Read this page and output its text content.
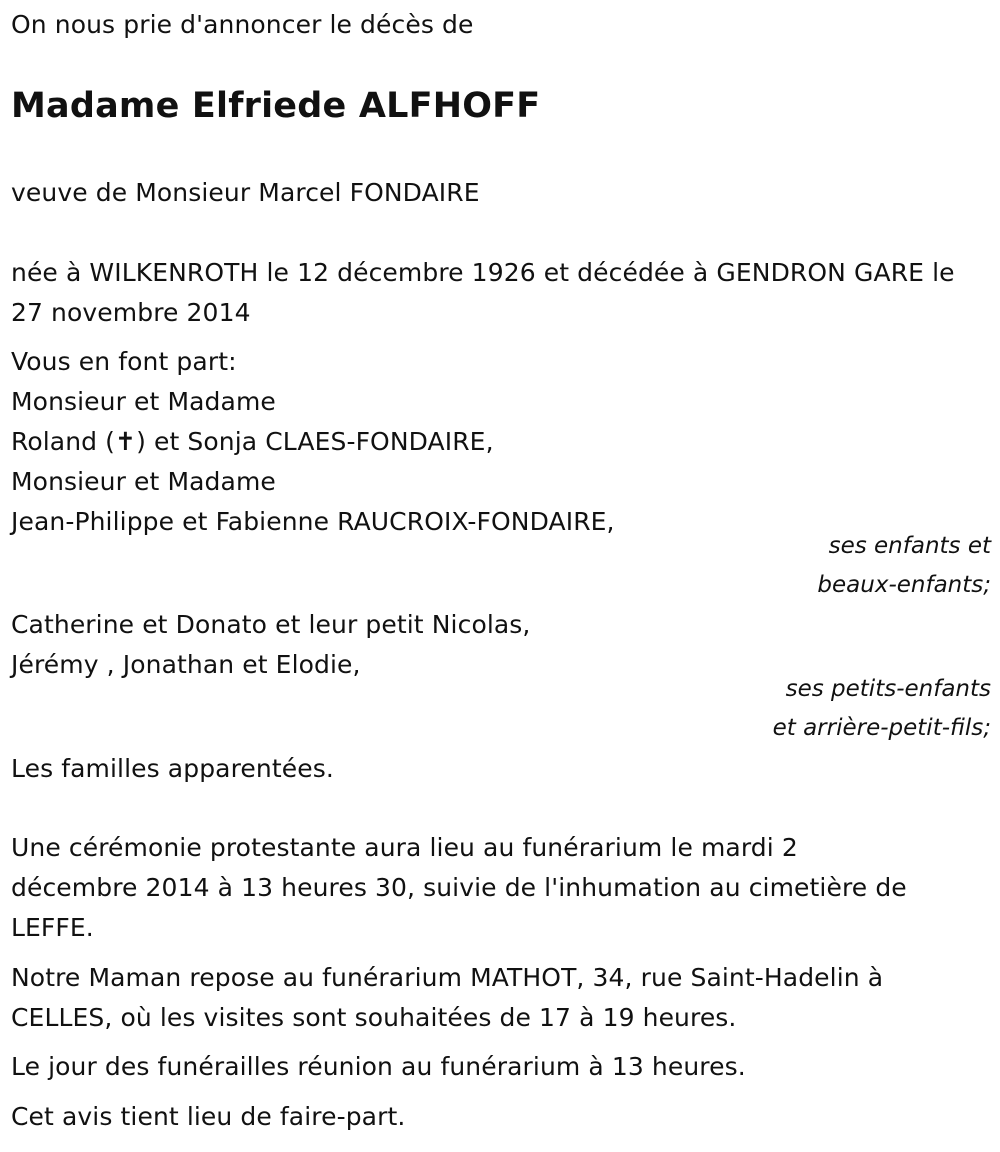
On nous prie d'annoncer le décès de
Madame Elfriede ALFHOFF
veuve de Monsieur Marcel FONDAIRE
née à WILKENROTH le 12 décembre 1926 et décédée à GENDRON GARE le
27 novembre 2014
Vous en font part:
Monsieur et Madame
Roland (✝) et Sonja CLAES-FONDAIRE,
Monsieur et Madame
Jean-Philippe et Fabienne RAUCROIX-FONDAIRE,
ses enfants et
beaux-enfants;
Catherine et Donato et leur petit Nicolas,
Jérémy , Jonathan et Elodie,
ses petits-enfants
et arrière-petit-fils;
Les familles apparentées.
Une cérémonie protestante aura lieu au funérarium le mardi 2
décembre 2014 à 13 heures 30, suivie de l'inhumation au cimetière de
LEFFE.
Notre Maman repose au funérarium MATHOT, 34, rue Saint-Hadelin à
CELLES, où les visites sont souhaitées de 17 à 19 heures.
Le jour des funérailles réunion au funérarium à 13 heures.
Cet avis tient lieu de faire-part.
